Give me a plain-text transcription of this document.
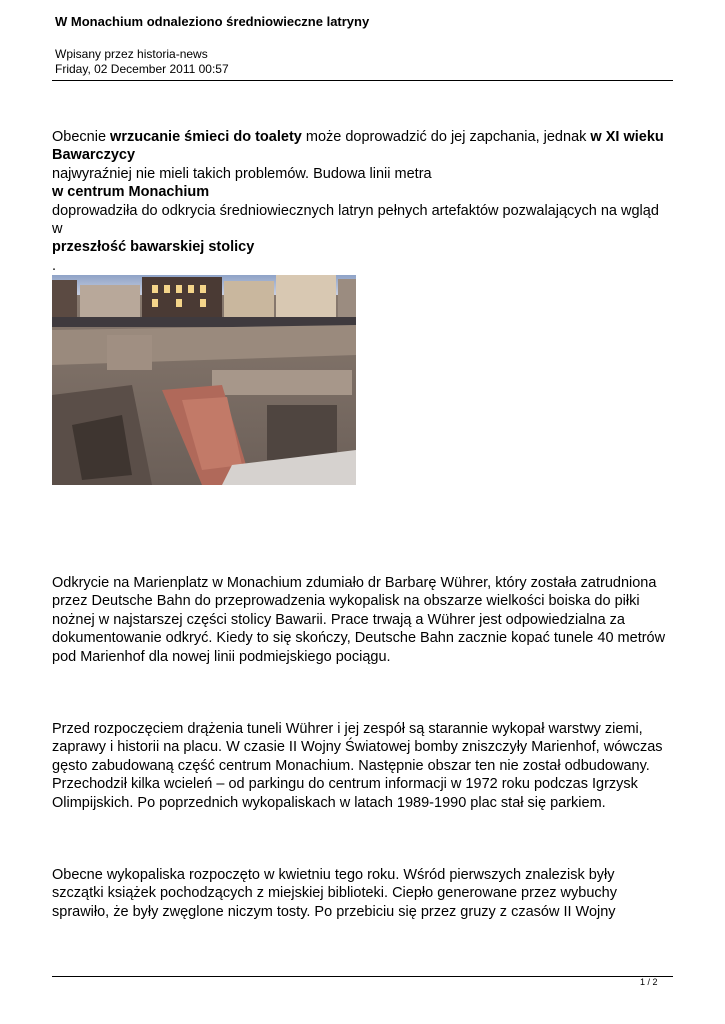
W Monachium odnaleziono średniowieczne latryny
Wpisany przez historia-news
Friday, 02 December 2011 00:57
Obecnie wrzucanie śmieci do toalety może doprowadzić do jej zapchania, jednak w XI wieku
Bawarczycy
najwyraźniej nie mieli takich problemów. Budowa linii metra
w centrum Monachium
doprowadziła do odkrycia średniowiecznych latryn pełnych artefaktów pozwalających na wgląd
w
przeszłość bawarskiej stolicy
.
Odkrycie na Marienplatz w Monachium zdumiało dr Barbarę Wührer, który została zatrudniona
przez Deutsche Bahn do przeprowadzenia wykopalisk na obszarze wielkości boiska do piłki
nożnej w najstarszej części stolicy Bawarii. Prace trwają a Wührer jest odpowiedzialna za
dokumentowanie odkryć. Kiedy to się skończy, Deutsche Bahn zacznie kopać tunele 40 metrów
pod Marienhof dla nowej linii podmiejskiego pociągu.
Przed rozpoczęciem drążenia tuneli Wührer i jej zespół są starannie wykopał warstwy ziemi,
zaprawy i historii na placu. W czasie II Wojny Światowej bomby zniszczyły Marienhof, wówczas
gęsto zabudowaną część centrum Monachium. Następnie obszar ten nie został odbudowany.
Przechodził kilka wcieleń – od parkingu do centrum informacji w 1972 roku podczas Igrzysk
Olimpijskich. Po poprzednich wykopaliskach w latach 1989-1990 plac stał się parkiem.
Obecne wykopaliska rozpoczęto w kwietniu tego roku. Wśród pierwszych znalezisk były
szczątki książek pochodzących z miejskiej biblioteki. Ciepło generowane przez wybuchy
sprawiło, że były zwęglone niczym tosty. Po przebiciu się przez gruzy z czasów II Wojny
1 / 2
